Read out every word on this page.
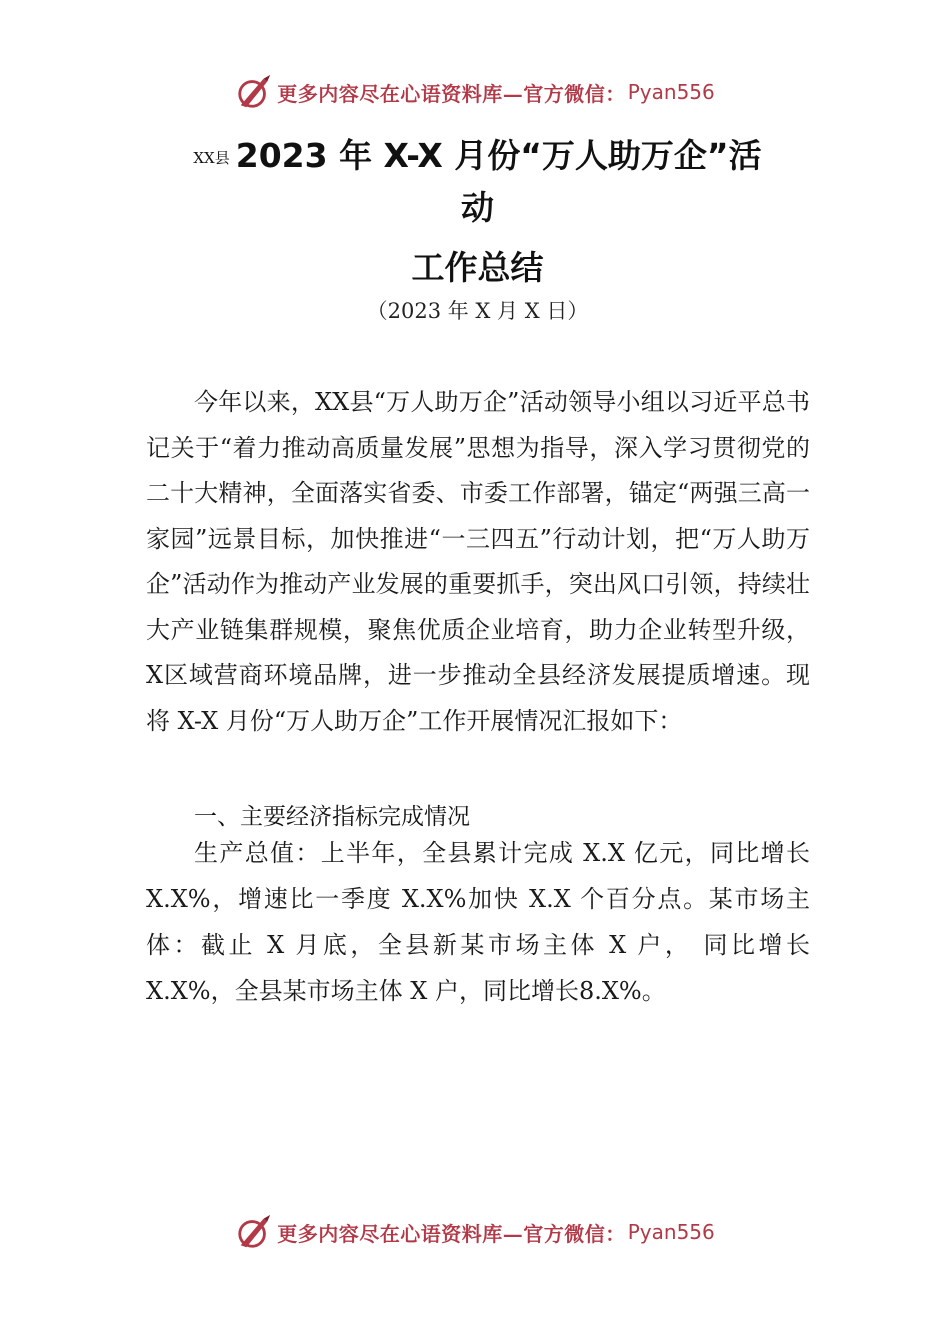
更多内容尽在心语资料库—官方微信： Pyan556
XX县 2023 年 X-X 月份“万人助万企”活
动
工作总结
（2023 年 X 月 X 日）

今年以来，XX县“万人助万企”活动领导小组以习近平总书记关于“着力推动高质量发展”思想为指导，深入学习贯彻党的二十大精神，全面落实省委、市委工作部署，锚定“两强三高一家园”远景目标，加快推进“一三四五”行动计划，把“万人助万企”活动作为推动产业发展的重要抓手，突出风口引领，持续壮大产业链集群规模，聚焦优质企业培育，助力企业转型升级，X区域营商环境品牌，进一步推动全县经济发展提质增速。现将 X-X 月份“万人助万企”工作开展情况汇报如下：

一、主要经济指标完成情况

生产总值：上半年，全县累计完成 X.X 亿元，同比增长X.X%，增速比一季度 X.X%加快 X.X 个百分点。某市场主体：截止 X 月底，全县新某市场主体 X 户， 同比增长X.X%，全县某市场主体 X 户，同比增长8.X%。

更多内容尽在心语资料库—官方微信： Pyan556
